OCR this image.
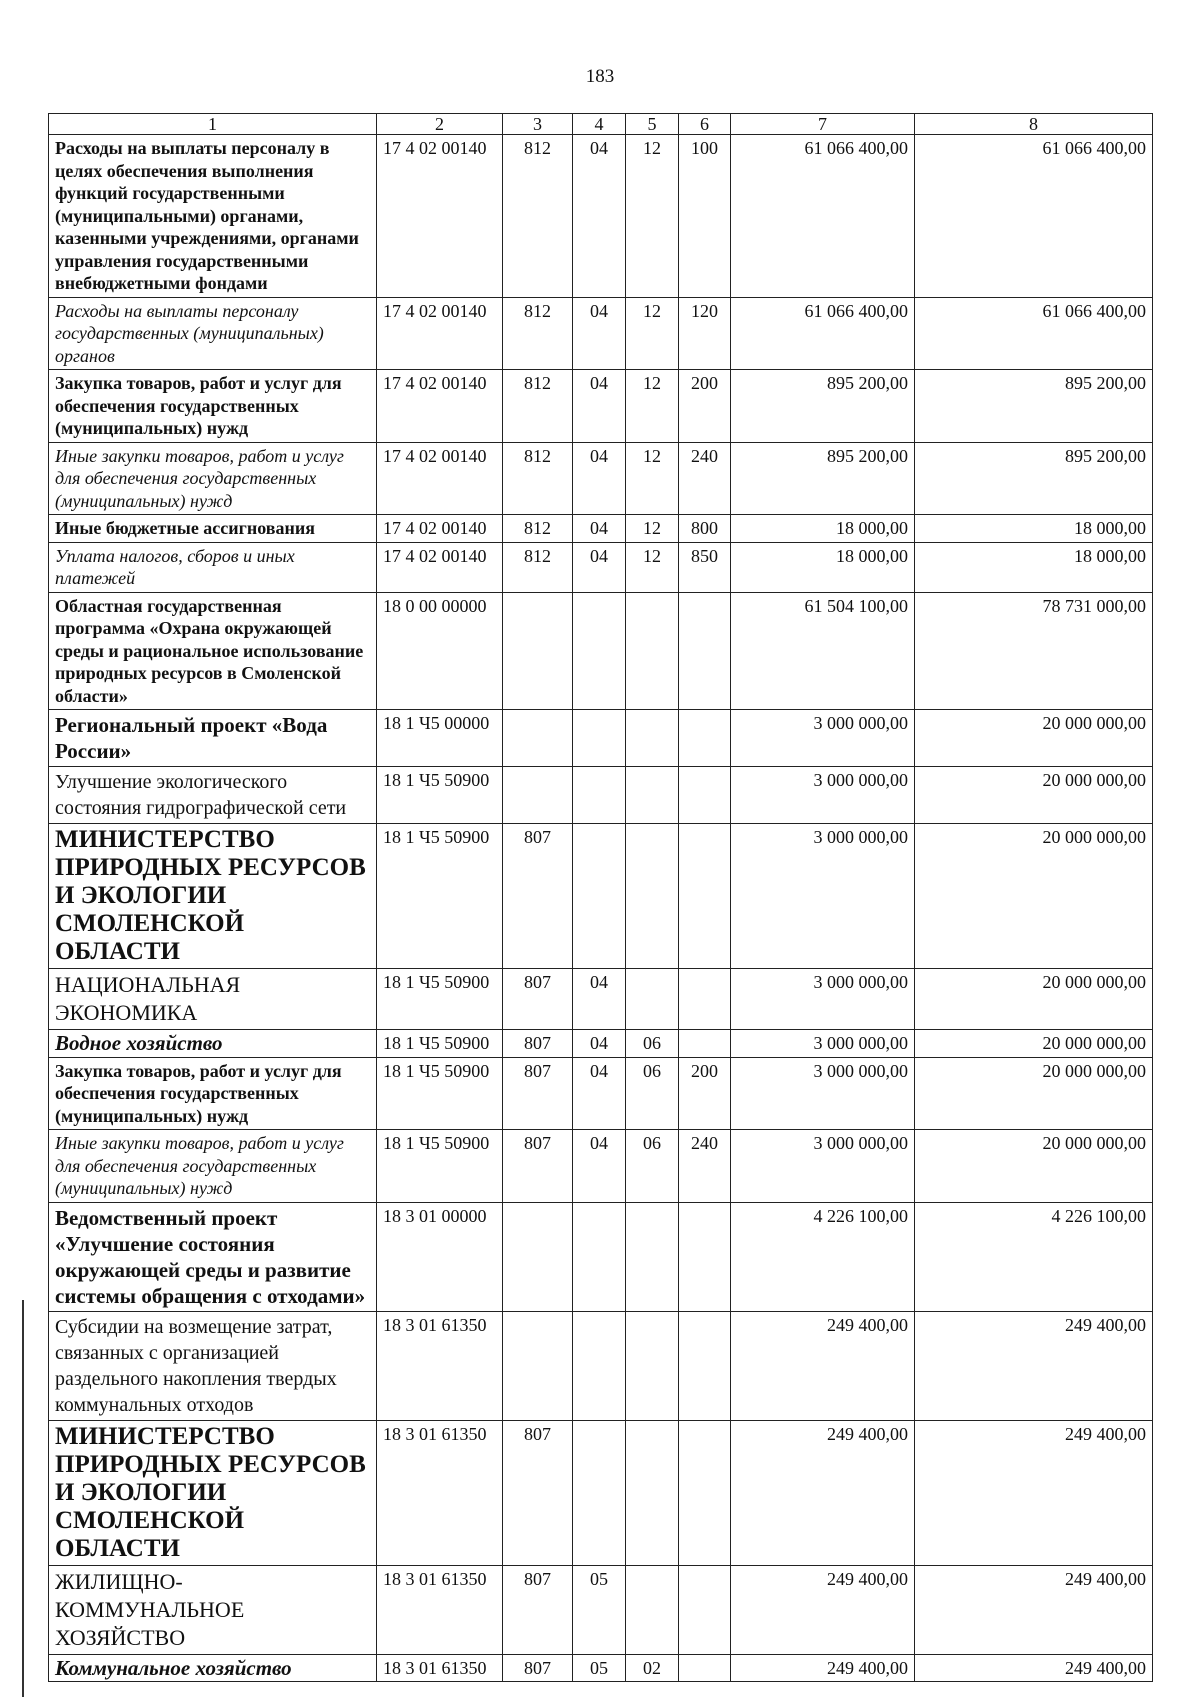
183
1	2	3	4	5	6	7	8
Расходы на выплаты персоналу в целях обеспечения выполнения функций государственными (муниципальными) органами, казенными учреждениями, органами управления государственными внебюджетными фондами	17 4 02 00140	812	04	12	100	61 066 400,00	61 066 400,00
Расходы на выплаты персоналу государственных (муниципальных) органов	17 4 02 00140	812	04	12	120	61 066 400,00	61 066 400,00
Закупка товаров, работ и услуг для обеспечения государственных (муниципальных) нужд	17 4 02 00140	812	04	12	200	895 200,00	895 200,00
Иные закупки товаров, работ и услуг для обеспечения государственных (муниципальных) нужд	17 4 02 00140	812	04	12	240	895 200,00	895 200,00
Иные бюджетные ассигнования	17 4 02 00140	812	04	12	800	18 000,00	18 000,00
Уплата налогов, сборов и иных платежей	17 4 02 00140	812	04	12	850	18 000,00	18 000,00
Областная государственная программа «Охрана окружающей среды и рациональное использование природных ресурсов в Смоленской области»	18 0 00 00000					61 504 100,00	78 731 000,00
Региональный проект «Вода России»	18 1 Ч5 00000					3 000 000,00	20 000 000,00
Улучшение экологического состояния гидрографической сети	18 1 Ч5 50900					3 000 000,00	20 000 000,00
МИНИСТЕРСТВО ПРИРОДНЫХ РЕСУРСОВ И ЭКОЛОГИИ СМОЛЕНСКОЙ ОБЛАСТИ	18 1 Ч5 50900	807				3 000 000,00	20 000 000,00
НАЦИОНАЛЬНАЯ ЭКОНОМИКА	18 1 Ч5 50900	807	04			3 000 000,00	20 000 000,00
Водное хозяйство	18 1 Ч5 50900	807	04	06		3 000 000,00	20 000 000,00
Закупка товаров, работ и услуг для обеспечения государственных (муниципальных) нужд	18 1 Ч5 50900	807	04	06	200	3 000 000,00	20 000 000,00
Иные закупки товаров, работ и услуг для обеспечения государственных (муниципальных) нужд	18 1 Ч5 50900	807	04	06	240	3 000 000,00	20 000 000,00
Ведомственный проект «Улучшение состояния окружающей среды и развитие системы обращения с отходами»	18 3 01 00000					4 226 100,00	4 226 100,00
Субсидии на возмещение затрат, связанных с организацией раздельного накопления твердых коммунальных отходов	18 3 01 61350					249 400,00	249 400,00
МИНИСТЕРСТВО ПРИРОДНЫХ РЕСУРСОВ И ЭКОЛОГИИ СМОЛЕНСКОЙ ОБЛАСТИ	18 3 01 61350	807				249 400,00	249 400,00
ЖИЛИЩНО-КОММУНАЛЬНОЕ ХОЗЯЙСТВО	18 3 01 61350	807	05			249 400,00	249 400,00
Коммунальное хозяйство	18 3 01 61350	807	05	02		249 400,00	249 400,00
